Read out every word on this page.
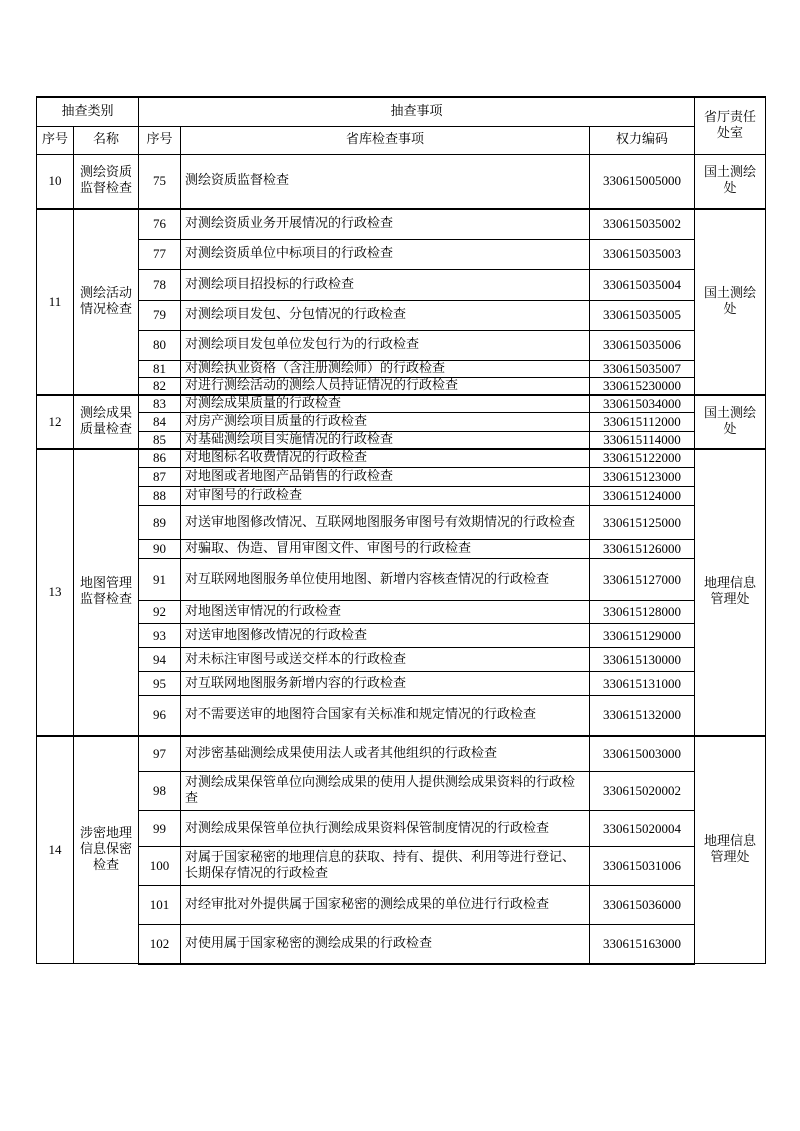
抽查类别		抽查事项			省厅责任处室
序号	名称	序号	省库检查事项	权力编码	
10	测绘资质监督检查	75	测绘资质监督检查	330615005000	国土测绘处
11	测绘活动情况检查	76	对测绘资质业务开展情况的行政检查	330615035002	国土测绘处
		77	对测绘资质单位中标项目的行政检查	330615035003	
		78	对测绘项目招投标的行政检查	330615035004	
		79	对测绘项目发包、分包情况的行政检查	330615035005	
		80	对测绘项目发包单位发包行为的行政检查	330615035006	
		81	对测绘执业资格（含注册测绘师）的行政检查	330615035007	
		82	对进行测绘活动的测绘人员持证情况的行政检查	330615230000	
12	测绘成果质量检查	83	对测绘成果质量的行政检查	330615034000	国土测绘处
		84	对房产测绘项目质量的行政检查	330615112000	
		85	对基础测绘项目实施情况的行政检查	330615114000	
13	地图管理监督检查	86	对地图标名收费情况的行政检查	330615122000	地理信息管理处
		87	对地图或者地图产品销售的行政检查	330615123000	
		88	对审图号的行政检查	330615124000	
		89	对送审地图修改情况、互联网地图服务审图号有效期情况的行政检查	330615125000	
		90	对骗取、伪造、冒用审图文件、审图号的行政检查	330615126000	
		91	对互联网地图服务单位使用地图、新增内容核查情况的行政检查	330615127000	
		92	对地图送审情况的行政检查	330615128000	
		93	对送审地图修改情况的行政检查	330615129000	
		94	对未标注审图号或送交样本的行政检查	330615130000	
		95	对互联网地图服务新增内容的行政检查	330615131000	
		96	对不需要送审的地图符合国家有关标准和规定情况的行政检查	330615132000	
14	涉密地理信息保密检查	97	对涉密基础测绘成果使用法人或者其他组织的行政检查	330615003000	地理信息管理处
		98	对测绘成果保管单位向测绘成果的使用人提供测绘成果资料的行政检查	330615020002	
		99	对测绘成果保管单位执行测绘成果资料保管制度情况的行政检查	330615020004	
		100	对属于国家秘密的地理信息的获取、持有、提供、利用等进行登记、长期保存情况的行政检查	330615031006	
		101	对经审批对外提供属于国家秘密的测绘成果的单位进行行政检查	330615036000	
		102	对使用属于国家秘密的测绘成果的行政检查	330615163000	
